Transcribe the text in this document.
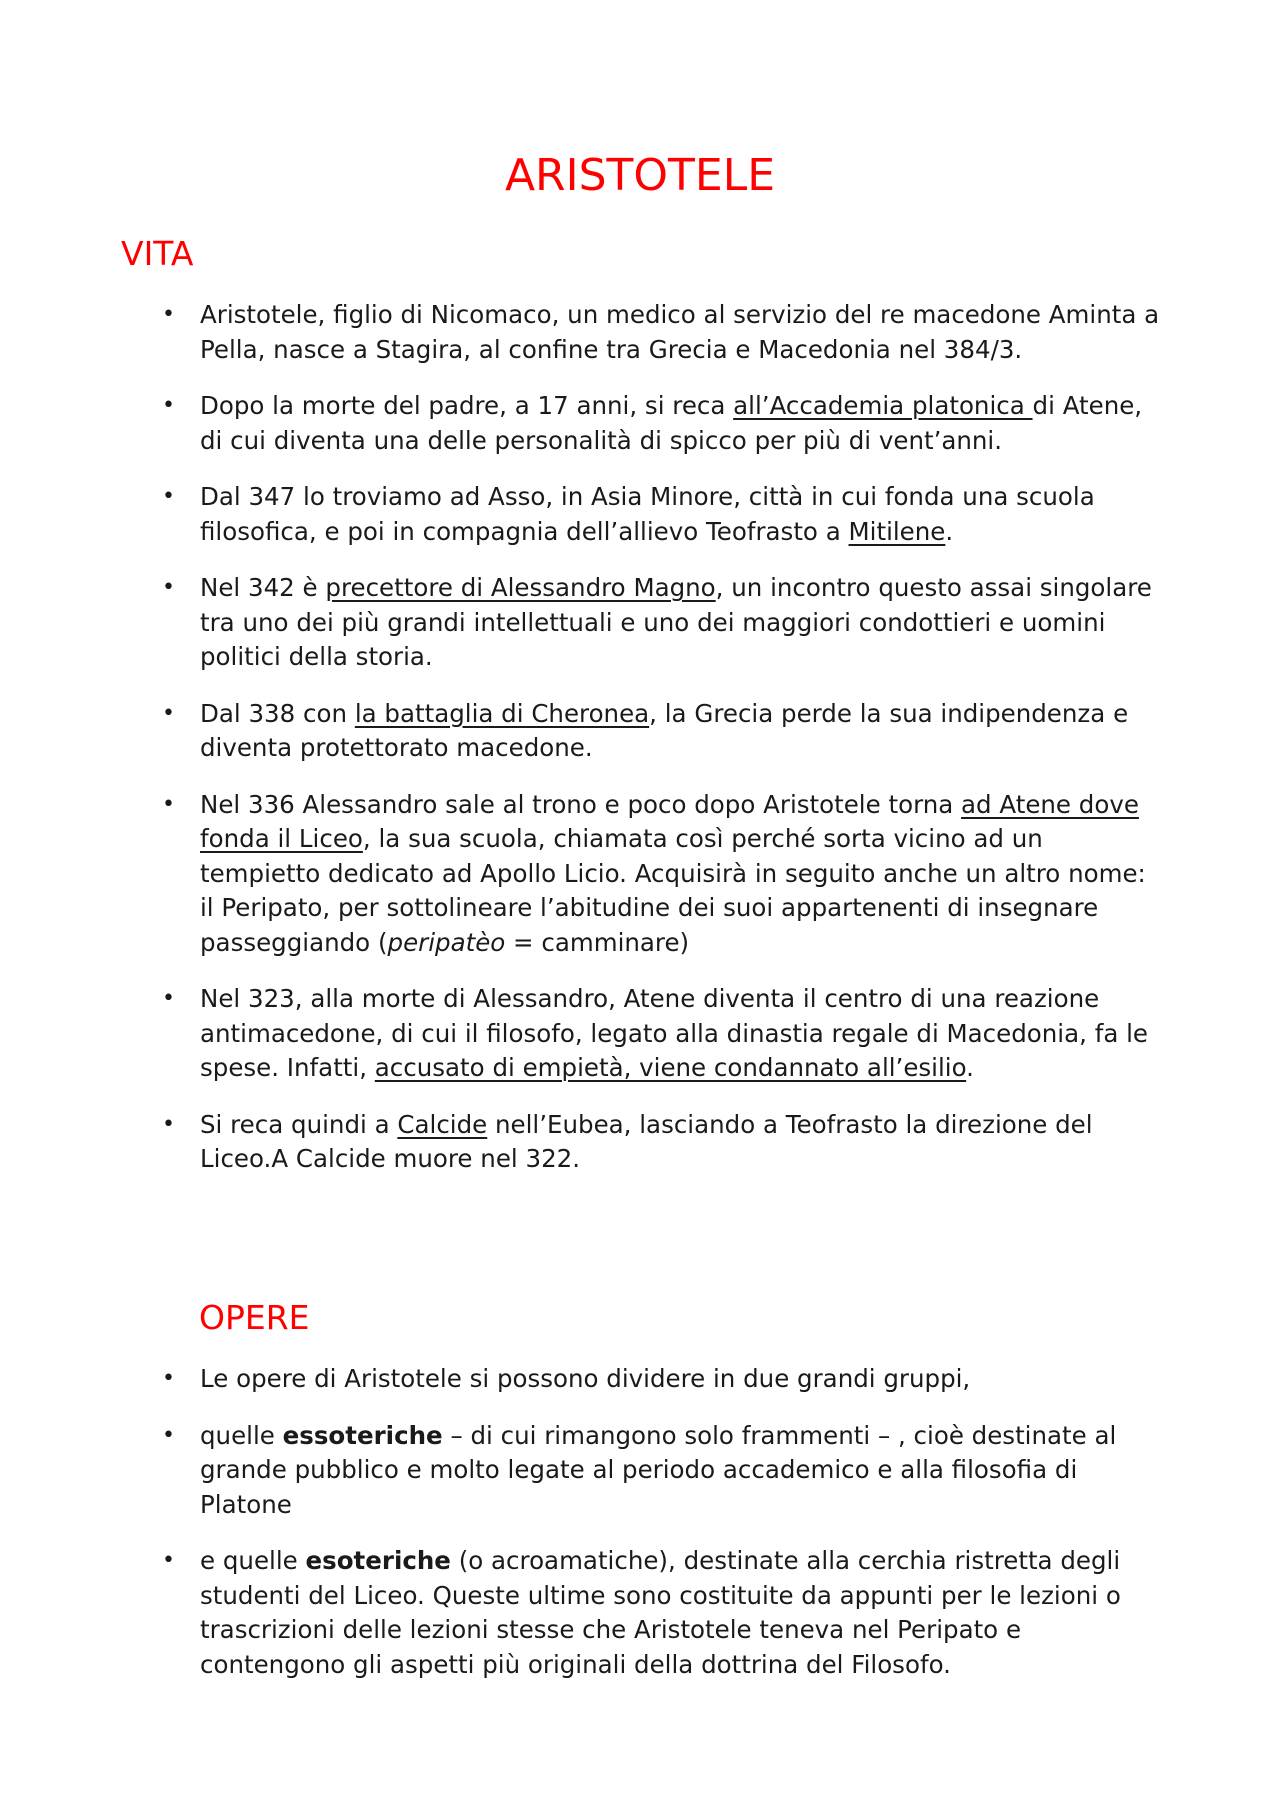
ARISTOTELE
VITA
• Aristotele, figlio di Nicomaco, un medico al servizio del re macedone Aminta a Pella, nasce a Stagira, al confine tra Grecia e Macedonia nel 384/3.
• Dopo la morte del padre, a 17 anni, si reca all’Accademia platonica di Atene, di cui diventa una delle personalità di spicco per più di vent’anni.
• Dal 347 lo troviamo ad Asso, in Asia Minore, città in cui fonda una scuola filosofica, e poi in compagnia dell’allievo Teofrasto a Mitilene.
• Nel 342 è precettore di Alessandro Magno, un incontro questo assai singolare tra uno dei più grandi intellettuali e uno dei maggiori condottieri e uomini politici della storia.
• Dal 338 con la battaglia di Cheronea, la Grecia perde la sua indipendenza e diventa protettorato macedone.
• Nel 336 Alessandro sale al trono e poco dopo Aristotele torna ad Atene dove fonda il Liceo, la sua scuola, chiamata così perché sorta vicino ad un tempietto dedicato ad Apollo Licio. Acquisirà in seguito anche un altro nome: il Peripato, per sottolineare l’abitudine dei suoi appartenenti di insegnare passeggiando (peripatèo = camminare)
• Nel 323, alla morte di Alessandro, Atene diventa il centro di una reazione antimacedone, di cui il filosofo, legato alla dinastia regale di Macedonia, fa le spese. Infatti, accusato di empietà, viene condannato all’esilio.
• Si reca quindi a Calcide nell’Eubea, lasciando a Teofrasto la direzione del Liceo.A Calcide muore nel 322.
OPERE
• Le opere di Aristotele si possono dividere in due grandi gruppi,
• quelle essoteriche – di cui rimangono solo frammenti – , cioè destinate al grande pubblico e molto legate al periodo accademico e alla filosofia di Platone
• e quelle esoteriche (o acroamatiche), destinate alla cerchia ristretta degli studenti del Liceo. Queste ultime sono costituite da appunti per le lezioni o trascrizioni delle lezioni stesse che Aristotele teneva nel Peripato e contengono gli aspetti più originali della dottrina del Filosofo.
